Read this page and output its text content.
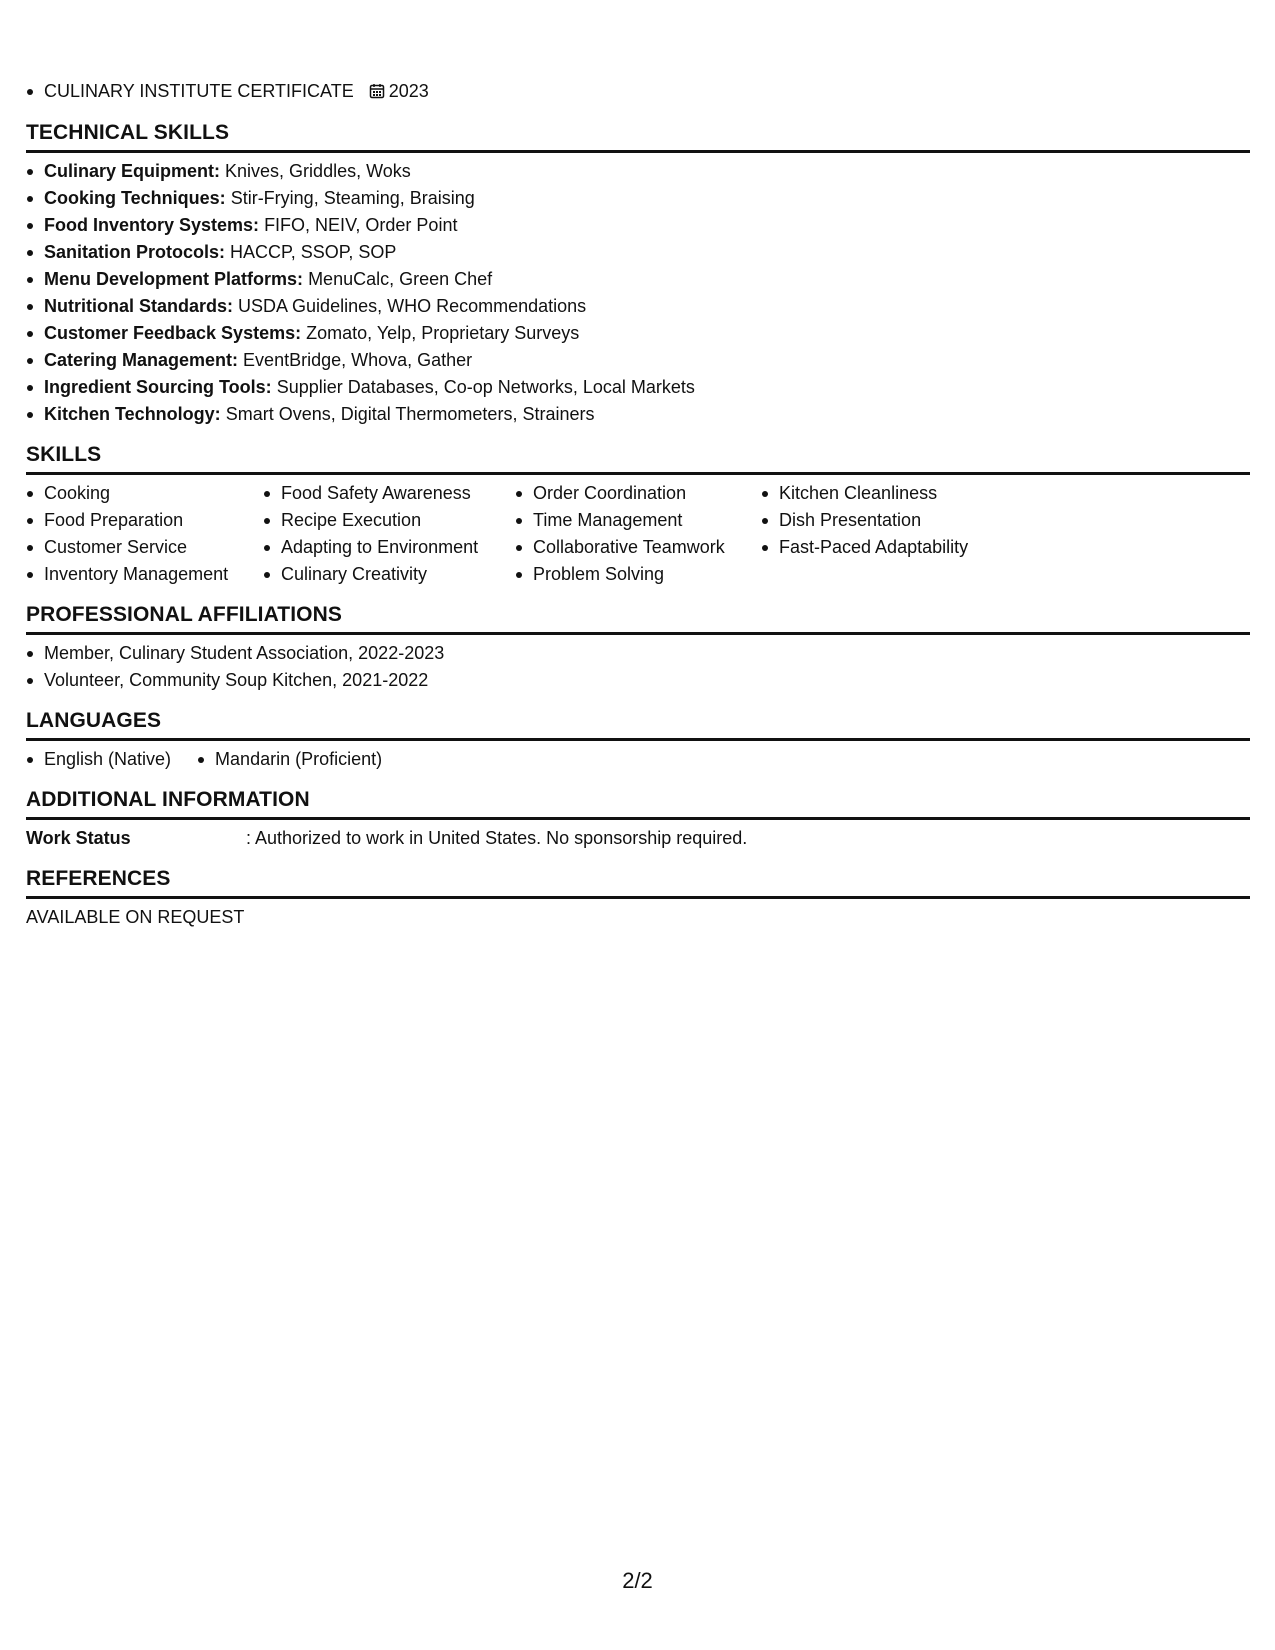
CULINARY INSTITUTE CERTIFICATE 2023
TECHNICAL SKILLS
Culinary Equipment: Knives, Griddles, Woks
Cooking Techniques: Stir-Frying, Steaming, Braising
Food Inventory Systems: FIFO, NEIV, Order Point
Sanitation Protocols: HACCP, SSOP, SOP
Menu Development Platforms: MenuCalc, Green Chef
Nutritional Standards: USDA Guidelines, WHO Recommendations
Customer Feedback Systems: Zomato, Yelp, Proprietary Surveys
Catering Management: EventBridge, Whova, Gather
Ingredient Sourcing Tools: Supplier Databases, Co-op Networks, Local Markets
Kitchen Technology: Smart Ovens, Digital Thermometers, Strainers
SKILLS
Cooking
Food Preparation
Customer Service
Inventory Management
Food Safety Awareness
Recipe Execution
Adapting to Environment
Culinary Creativity
Order Coordination
Time Management
Collaborative Teamwork
Problem Solving
Kitchen Cleanliness
Dish Presentation
Fast-Paced Adaptability
PROFESSIONAL AFFILIATIONS
Member, Culinary Student Association, 2022-2023
Volunteer, Community Soup Kitchen, 2021-2022
LANGUAGES
English (Native)	Mandarin (Proficient)
ADDITIONAL INFORMATION
Work Status	: Authorized to work in United States. No sponsorship required.
REFERENCES
AVAILABLE ON REQUEST
2/2
